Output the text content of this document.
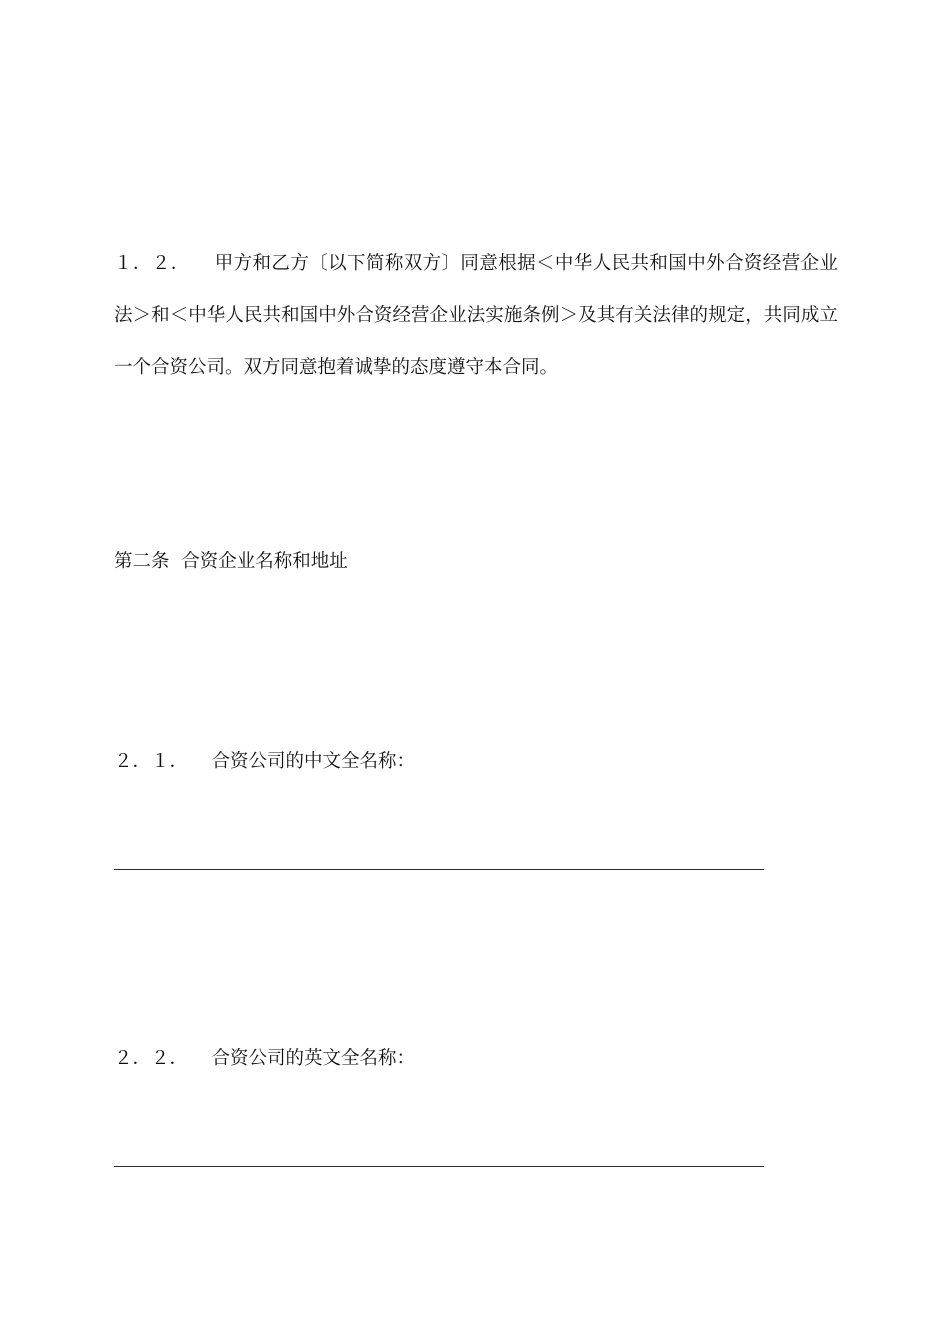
１．２． 甲方和乙方〔以下简称双方〕同意根据＜中华人民共和国中外合资经营企业法＞和＜中华人民共和国中外合资经营企业法实施条例＞及其有关法律的规定，共同成立一个合资公司。双方同意抱着诚挚的态度遵守本合同。

第二条 合资企业名称和地址

２．１． 合资公司的中文全名称：

２．２． 合资公司的英文全名称：
